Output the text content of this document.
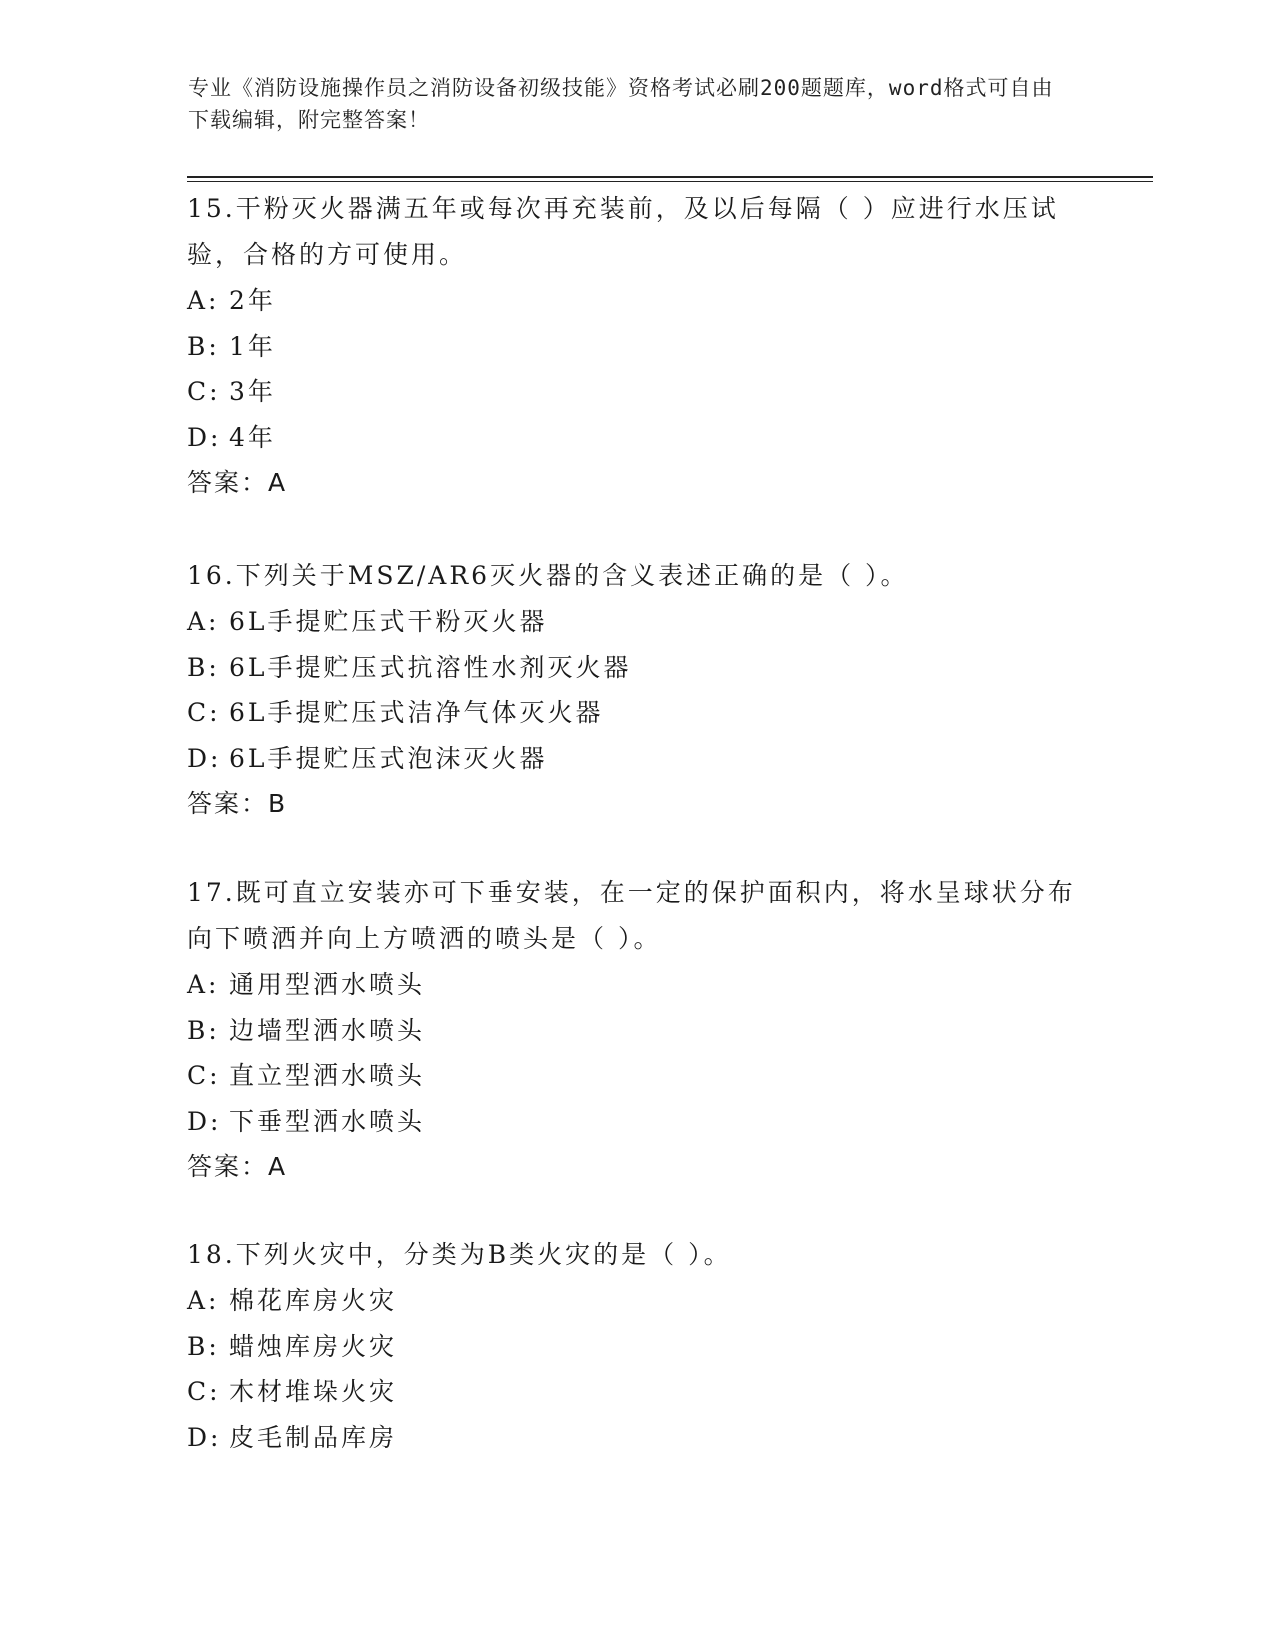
专业《消防设施操作员之消防设备初级技能》资格考试必刷200题题库，word格式可自由下载编辑，附完整答案！

15.干粉灭火器满五年或每次再充装前，及以后每隔（ ）应进行水压试验，合格的方可使用。

A: 2年

B: 1年

C: 3年

D: 4年

答案：A

16.下列关于MSZ/AR6灭火器的含义表述正确的是（ ）。

A: 6L手提贮压式干粉灭火器

B: 6L手提贮压式抗溶性水剂灭火器

C: 6L手提贮压式洁净气体灭火器

D: 6L手提贮压式泡沫灭火器

答案：B

17.既可直立安装亦可下垂安装，在一定的保护面积内，将水呈球状分布向下喷洒并向上方喷洒的喷头是（ ）。

A: 通用型洒水喷头

B: 边墙型洒水喷头

C: 直立型洒水喷头

D: 下垂型洒水喷头

答案：A

18.下列火灾中，分类为B类火灾的是（ ）。

A: 棉花库房火灾

B: 蜡烛库房火灾

C: 木材堆垛火灾

D: 皮毛制品库房
